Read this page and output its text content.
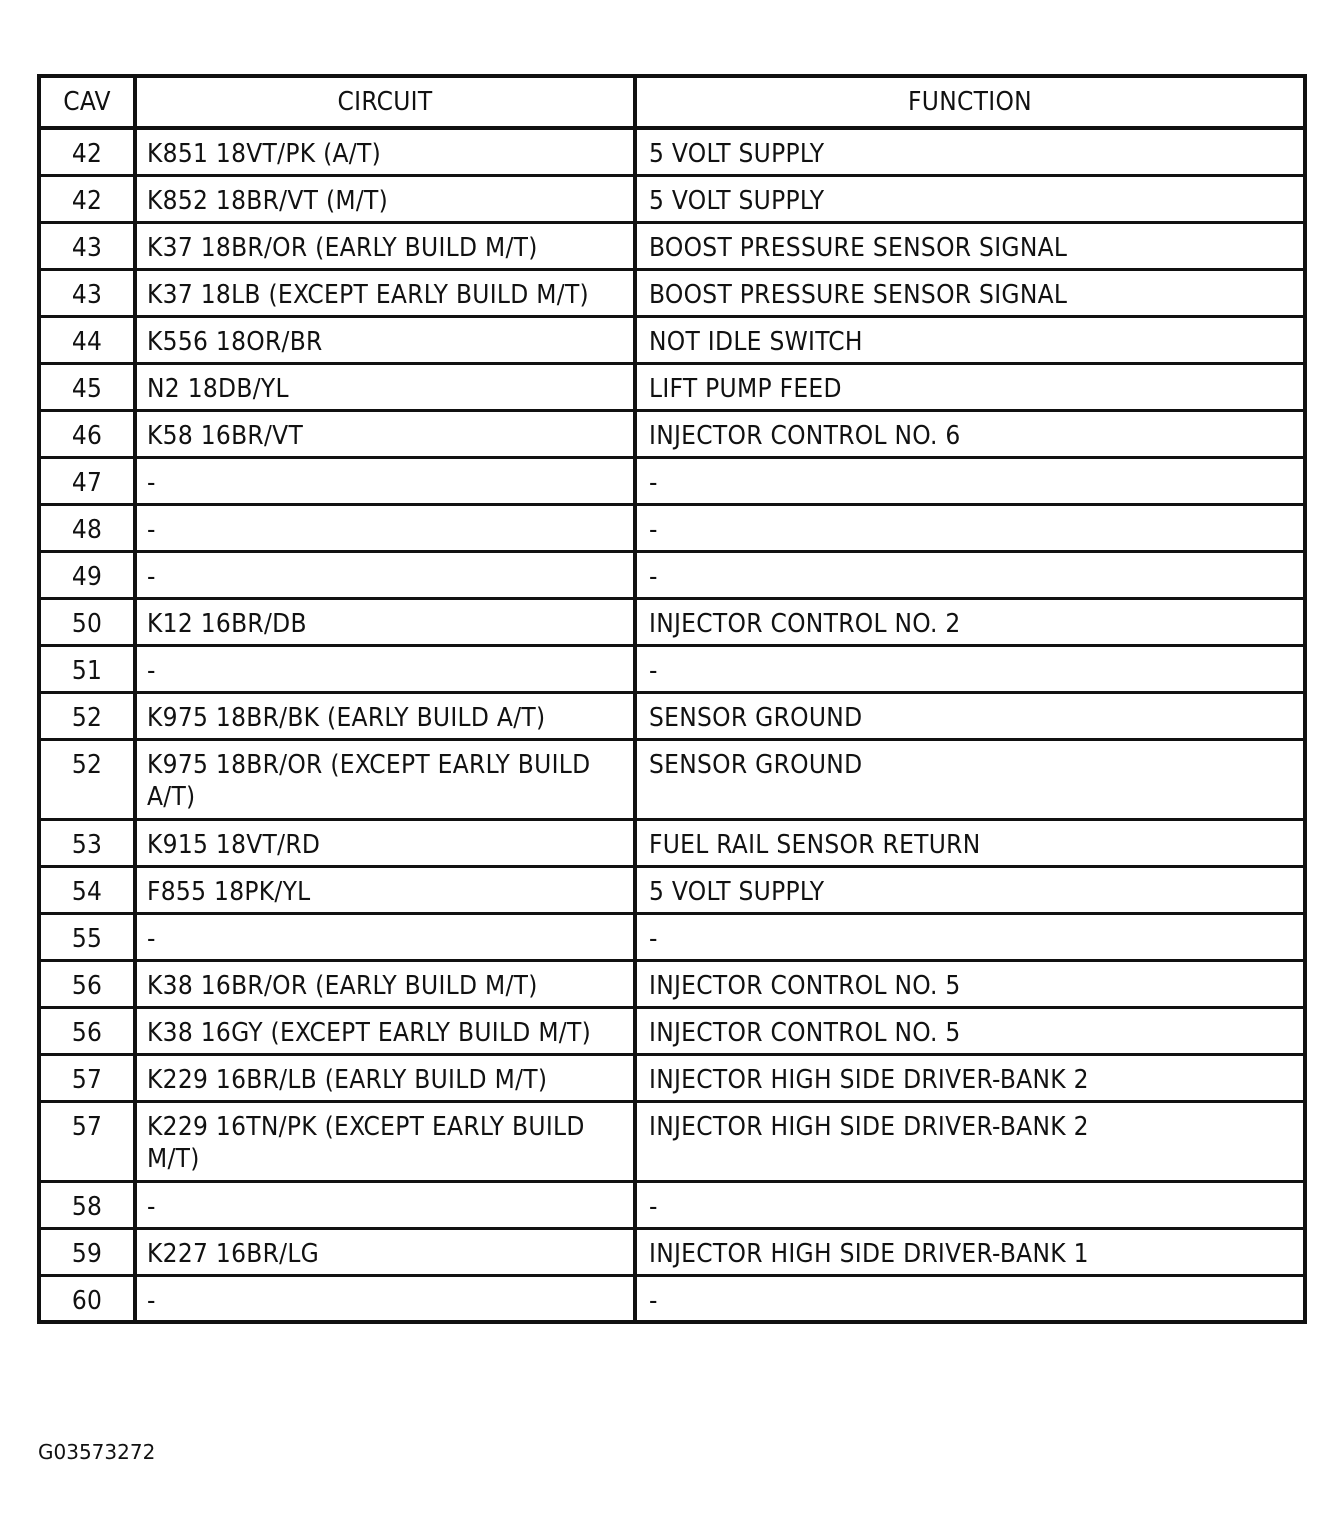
CAV	CIRCUIT	FUNCTION
42	K851 18VT/PK (A/T)	5 VOLT SUPPLY
42	K852 18BR/VT (M/T)	5 VOLT SUPPLY
43	K37 18BR/OR (EARLY BUILD M/T)	BOOST PRESSURE SENSOR SIGNAL
43	K37 18LB (EXCEPT EARLY BUILD M/T)	BOOST PRESSURE SENSOR SIGNAL
44	K556 18OR/BR	NOT IDLE SWITCH
45	N2 18DB/YL	LIFT PUMP FEED
46	K58 16BR/VT	INJECTOR CONTROL NO. 6
47	-	-
48	-	-
49	-	-
50	K12 16BR/DB	INJECTOR CONTROL NO. 2
51	-	-
52	K975 18BR/BK (EARLY BUILD A/T)	SENSOR GROUND
52	K975 18BR/OR (EXCEPT EARLY BUILD A/T)	SENSOR GROUND
53	K915 18VT/RD	FUEL RAIL SENSOR RETURN
54	F855 18PK/YL	5 VOLT SUPPLY
55	-	-
56	K38 16BR/OR (EARLY BUILD M/T)	INJECTOR CONTROL NO. 5
56	K38 16GY (EXCEPT EARLY BUILD M/T)	INJECTOR CONTROL NO. 5
57	K229 16BR/LB (EARLY BUILD M/T)	INJECTOR HIGH SIDE DRIVER-BANK 2
57	K229 16TN/PK (EXCEPT EARLY BUILD M/T)	INJECTOR HIGH SIDE DRIVER-BANK 2
58	-	-
59	K227 16BR/LG	INJECTOR HIGH SIDE DRIVER-BANK 1
60	-	-
G03573272
